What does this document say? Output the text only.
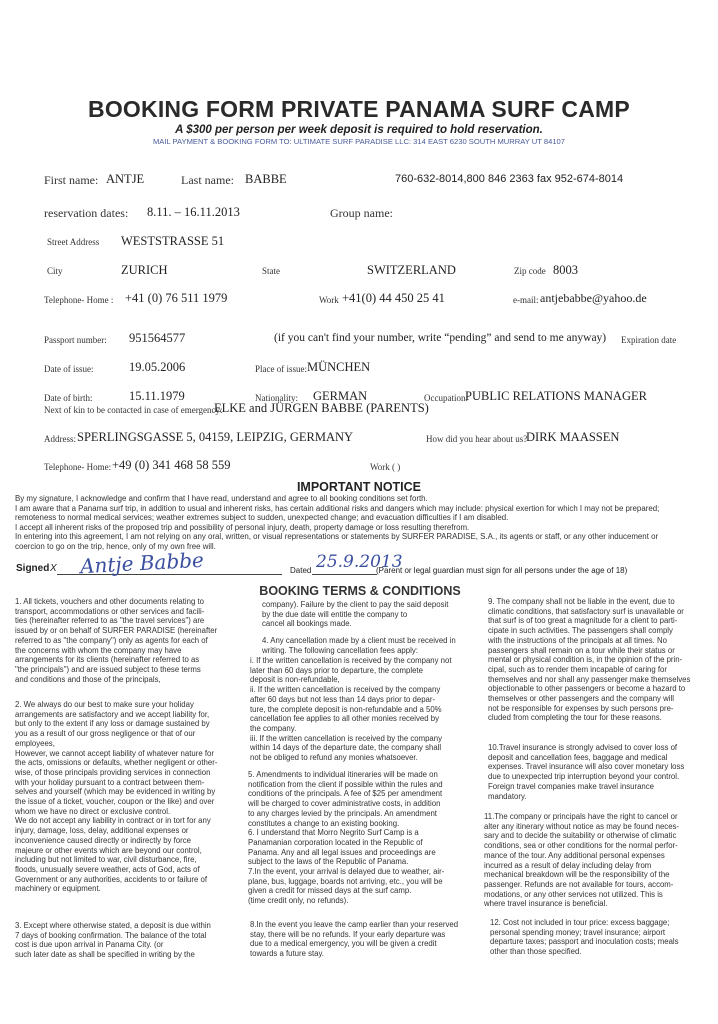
BOOKING FORM PRIVATE PANAMA SURF CAMP
A $300 per person per week deposit is required to hold reservation.
MAIL PAYMENT & BOOKING FORM TO: ULTIMATE SURF PARADISE LLC: 314 EAST 6230 SOUTH MURRAY UT 84107
First name: ANTJE	Last name: BABBE	760-632-8014,800 846 2363 fax 952-674-8014
reservation dates: 8.11. – 16.11.2013	Group name:
Street Address WESTSTRASSE 51
City	ZURICH	State	SWITZERLAND	Zip code 8003
Telephone- Home : +41 (0) 76 511 1979	Work +41(0) 44 450 25 41	e-mail: antjebabbe@yahoo.de
Passport number: 951564577	(if you can't find your number, write “pending” and send to me anyway) Expiration date
Date of issue:	19.05.2006	Place of issue: MÜNCHEN
Date of birth:	15.11.1979	Nationality: GERMAN	Occupation:
PUBLIC RELATIONS MANAGER
Next of kin to be contacted in case of emergency:
ELKE and JÜRGEN BABBE (PARENTS)
Address: SPERLINGSGASSE 5, 04159, LEIPZIG, GERMANY	How did you hear about us?
DIRK MAASSEN
Telephone- Home: +49 (0) 341 468 58 559	Work ( )
IMPORTANT NOTICE
By my signature, I acknowledge and confirm that I have read, understand and agree to all booking conditions set forth.
I am aware that a Panama surf trip, in addition to usual and inherent risks, has certain additional risks and dangers which may include: physical exertion for which I may not be prepared;
remoteness to normal medical services; weather extremes subject to sudden, unexpected change; and evacuation difficulties if I am disabled.
I accept all inherent risks of the proposed trip and possibility of personal injury, death, property damage or loss resulting therefrom.
In entering into this agreement, I am not relying on any oral, written, or visual representations or statements by SURFER PARADISE, S.A., its agents or staff, or any other inducement or
coercion to go on the trip, hence, only of my own free will.
Signed X Antje Babbe	Dated 25.9.2013
(Parent or legal guardian must sign for all persons under the age of 18)
BOOKING TERMS & CONDITIONS
1. All tickets, vouchers and other documents relating to
transport, accommodations or other services and facili-
ties (hereinafter referred to as "the travel services") are
issued by or on behalf of SURFER PARADISE (hereinafter
referred to as "the company") only as agents for each of
the concerns with whom the company may have
arrangements for its clients (hereinafter referred to as
"the principals") and are issued subject to these terms
and conditions and those of the principals,
2. We always do our best to make sure your holiday
arrangements are satisfactory and we accept liability for,
but only to the extent if any loss or damage sustained by
you as a result of our gross negligence or that of our
employees,
However, we cannot accept liability of whatever nature for
the acts, omissions or defaults, whether negligent or other-
wise, of those principals providing services in connection
with your holiday pursuant to a contract between them-
selves and yourself (which may be evidenced in writing by
the issue of a ticket, voucher, coupon or the like) and over
whom we have no direct or exclusive control.
We do not accept any liability in contract or in tort for any
injury, damage, loss, delay, additional expenses or
inconvenience caused directly or indirectly by force
majeure or other events which are beyond our control,
including but not limited to war, civil disturbance, fire,
floods, unusually severe weather, acts of God, acts of
Government or any authorities, accidents to or failure of
machinery or equipment.
3. Except where otherwise stated, a deposit is due within
7 days of booking confirmation. The balance of the total
cost is due upon arrival in Panama City. (or
such later date as shall be specified in writing by the
company). Failure by the client to pay the said deposit
by the due date will entitle the company to
cancel all bookings made.
4. Any cancellation made by a client must be received in
writing. The following cancellation fees apply:
i. If the written cancellation is received by the company not
later than 60 days prior to departure, the complete
deposit is non-refundable,
ii. If the written cancellation is received by the company
after 60 days but not less than 14 days prior to depar-
ture, the complete deposit is non-refundable and a 50%
cancellation fee applies to all other monies received by
the company.
iii. If the written cancellation is received by the company
within 14 days of the departure date, the company shall
not be obliged to refund any monies whatsoever.
5. Amendments to individual itineraries will be made on
notification from the client if possible within the rules and
conditions of the principals. A fee of $25 per amendment
will be charged to cover administrative costs, in addition
to any charges levied by the principals. An amendment
constitutes a change to an existing booking.
6. I understand that Morro Negrito Surf Camp is a
Panamanian corporation located in the Republic of
Panama. Any and all legal issues and proceedings are
subject to the laws of the Republic of Panama.
7.In the event, your arrival is delayed due to weather, air-
plane, bus, luggage, boards not arriving, etc., you will be
given a credit for missed days at the surf camp.
(time credit only, no refunds).
8.In the event you leave the camp earlier than your reserved
stay, there will be no refunds. If your early departure was
due to a medical emergency, you will be given a credit
towards a future stay.
9. The company shall not be liable in the event, due to
climatic conditions, that satisfactory surf is unavailable or
that surf is of too great a magnitude for a client to parti-
cipate in such activities. The passengers shall comply
with the instructions of the principals at all times. No
passengers shall remain on a tour while their status or
mental or physical condition is, in the opinion of the prin-
cipal, such as to render them incapable of caring for
themselves and nor shall any passenger make themselves
objectionable to other passengers or become a hazard to
themselves or other passengers and the company will
not be responsible for expenses by such persons pre-
cluded from completing the tour for these reasons.
10.Travel insurance is strongly advised to cover loss of
deposit and cancellation fees, baggage and medical
expenses. Travel insurance will also cover monetary loss
due to unexpected trip interruption beyond your control.
Foreign travel companies make travel insurance
mandatory.
11.The company or principals have the right to cancel or
alter any itinerary without notice as may be found neces-
sary and to decide the suitability or otherwise of climatic
conditions, sea or other conditions for the normal perfor-
mance of the tour. Any additional personal expenses
incurred as a result of delay including delay from
mechanical breakdown will be the responsibility of the
passenger. Refunds are not available for tours, accom-
modations, or any other services not utilized. This is
where travel insurance is beneficial.
12. Cost not included in tour price: excess baggage;
personal spending money; travel insurance; airport
departure taxes; passport and inoculation costs; meals
other than those specified.
